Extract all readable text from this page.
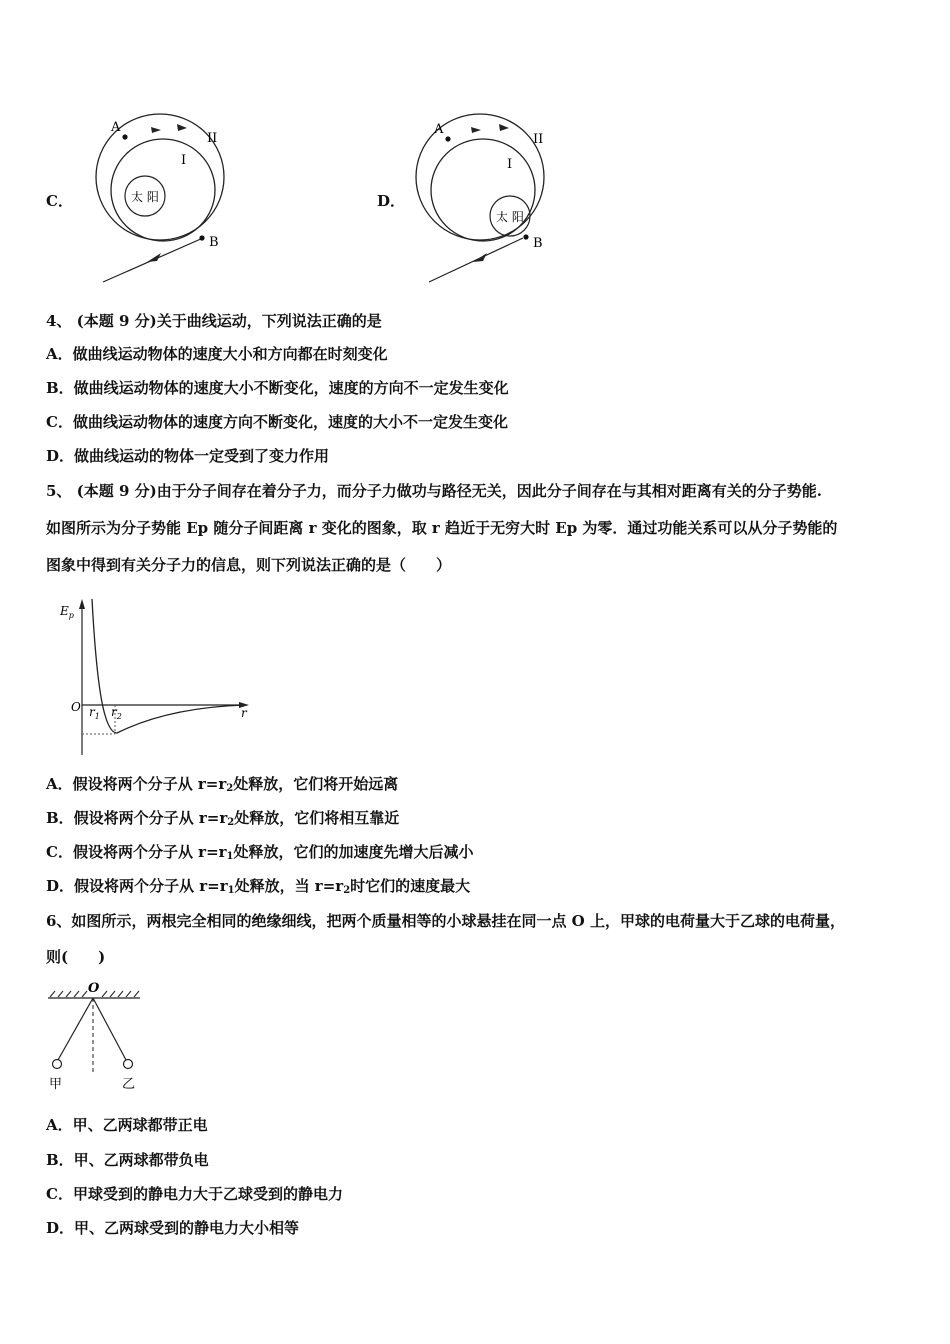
C．
A
B
I
II
太 阳	D．
A
B
I
II
太 阳
4、 (本题 9 分)关于曲线运动，下列说法正确的是
A．做曲线运动物体的速度大小和方向都在时刻变化
B．做曲线运动物体的速度大小不断变化，速度的方向不一定发生变化
C．做曲线运动物体的速度方向不断变化，速度的大小不一定发生变化
D．做曲线运动的物体一定受到了变力作用
5、 (本题 9 分)由于分子间存在着分子力，而分子力做功与路径无关，因此分子间存在与其相对距离有关的分子势能.
如图所示为分子势能 Ep 随分子间距离 r 变化的图象，取 r 趋近于无穷大时 Ep 为零．通过功能关系可以从分子势能的
图象中得到有关分子力的信息，则下列说法正确的是（　　）
$E_p$
O $r_1$ $r_2$	r
A．假设将两个分子从 $r=r_2$处释放，它们将开始远离
B．假设将两个分子从 $r=r_2$处释放，它们将相互靠近
C．假设将两个分子从 $r=r_1$处释放，它们的加速度先增大后减小
D．假设将两个分子从 $r=r_1$处释放，当 $r=r_2$时它们的速度最大
6、如图所示，两根完全相同的绝缘细线，把两个质量相等的小球悬挂在同一点 O 上，甲球的电荷量大于乙球的电荷量，
则(　　)
O
甲	乙
A．甲、乙两球都带正电
B．甲、乙两球都带负电
C．甲球受到的静电力大于乙球受到的静电力
D．甲、乙两球受到的静电力大小相等
